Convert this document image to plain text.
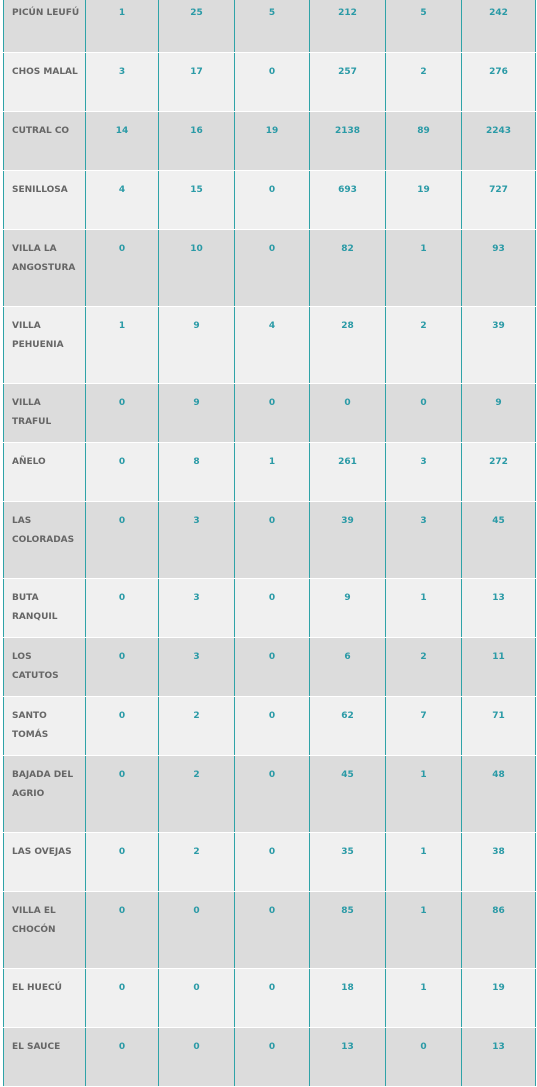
PICÚN LEUFÚ	1	25	5	212	5	242
CHOS MALAL	3	17	0	257	2	276
CUTRAL CO	14	16	19	2138	89	2243
SENILLOSA	4	15	0	693	19	727
VILLA LA ANGOSTURA	0	10	0	82	1	93
VILLA PEHUENIA	1	9	4	28	2	39
VILLA TRAFUL	0	9	0	0	0	9
AÑELO	0	8	1	261	3	272
LAS COLORADAS	0	3	0	39	3	45
BUTA RANQUIL	0	3	0	9	1	13
LOS CATUTOS	0	3	0	6	2	11
SANTO TOMÁS	0	2	0	62	7	71
BAJADA DEL AGRIO	0	2	0	45	1	48
LAS OVEJAS	0	2	0	35	1	38
VILLA EL CHOCÓN	0	0	0	85	1	86
EL HUECÚ	0	0	0	18	1	19
EL SAUCE	0	0	0	13	0	13
